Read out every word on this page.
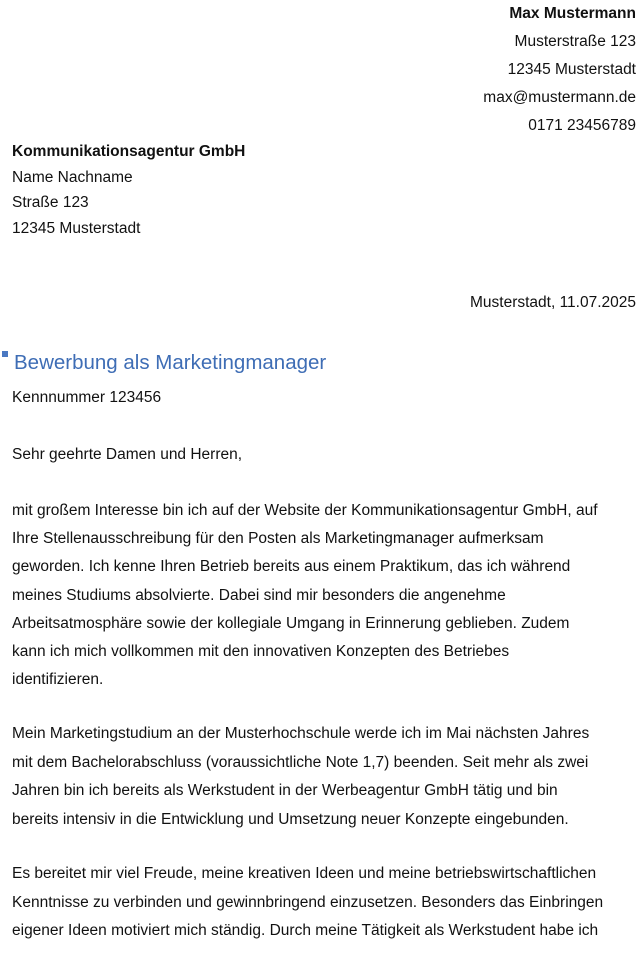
Max Mustermann
Musterstraße 123
12345 Musterstadt
max@mustermann.de
0171 23456789
Kommunikationsagentur GmbH
Name Nachname
Straße 123
12345 Musterstadt
Musterstadt, 11.07.2025
Bewerbung als Marketingmanager
Kennnummer 123456
Sehr geehrte Damen und Herren,

mit großem Interesse bin ich auf der Website der Kommunikationsagentur GmbH, auf
Ihre Stellenausschreibung für den Posten als Marketingmanager aufmerksam
geworden. Ich kenne Ihren Betrieb bereits aus einem Praktikum, das ich während
meines Studiums absolvierte. Dabei sind mir besonders die angenehme
Arbeitsatmosphäre sowie der kollegiale Umgang in Erinnerung geblieben. Zudem
kann ich mich vollkommen mit den innovativen Konzepten des Betriebes
identifizieren.

Mein Marketingstudium an der Musterhochschule werde ich im Mai nächsten Jahres
mit dem Bachelorabschluss (voraussichtliche Note 1,7) beenden. Seit mehr als zwei
Jahren bin ich bereits als Werkstudent in der Werbeagentur GmbH tätig und bin
bereits intensiv in die Entwicklung und Umsetzung neuer Konzepte eingebunden.

Es bereitet mir viel Freude, meine kreativen Ideen und meine betriebswirtschaftlichen
Kenntnisse zu verbinden und gewinnbringend einzusetzen. Besonders das Einbringen
eigener Ideen motiviert mich ständig. Durch meine Tätigkeit als Werkstudent habe ich
